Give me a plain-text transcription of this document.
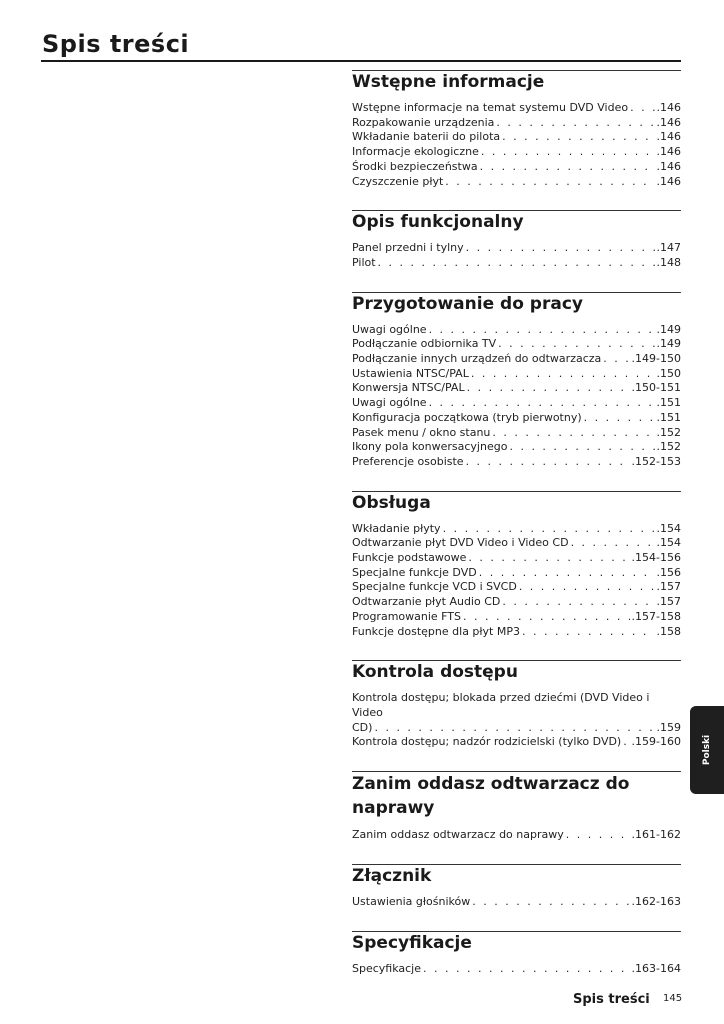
Spis treści
Wstępne informacje
Wstępne informacje na temat systemu DVD Video . . .	.146
Rozpakowanie urządzenia . . .	.146
Wkładanie baterii do pilota . . .	.146
Informacje ekologiczne . . .	.146
Środki bezpieczeństwa . . .	.146
Czyszczenie płyt . . .	.146
Opis funkcjonalny
Panel przedni i tylny . . .	.147
Pilot . . .	.148
Przygotowanie do pracy
Uwagi ogólne . . .	.149
Podłączanie odbiornika TV . . .	.149
Podłączanie innych urządzeń do odtwarzacza . . .	.149-150
Ustawienia NTSC/PAL . . .	.150
Konwersja NTSC/PAL . . .	.150-151
Uwagi ogólne . . .	.151
Konfiguracja początkowa (tryb pierwotny) . . .	.151
Pasek menu / okno stanu . . .	.152
Ikony pola konwersacyjnego . . .	.152
Preferencje osobiste . . .	.152-153
Obsługa
Wkładanie płyty . . .	.154
Odtwarzanie płyt DVD Video i Video CD . . .	.154
Funkcje podstawowe . . .	.154-156
Specjalne funkcje DVD . . .	.156
Specjalne funkcje VCD i SVCD . . .	.157
Odtwarzanie płyt Audio CD . . .	.157
Programowanie FTS . . .	.157-158
Funkcje dostępne dla płyt MP3 . . .	.158
Kontrola dostępu
Kontrola dostępu; blokada przed dziećmi (DVD Video i Video
CD) . . .	.159
Kontrola dostępu; nadzór rodzicielski (tylko DVD) . . . .159-160
Zanim oddasz odtwarzacz do naprawy
Zanim oddasz odtwarzacz do naprawy . . .	.161-162
Złącznik
Ustawienia głośników . . .	.162-163
Specyfikacje
Specyfikacje . . .	.163-164
Polski
Spis treści 145
